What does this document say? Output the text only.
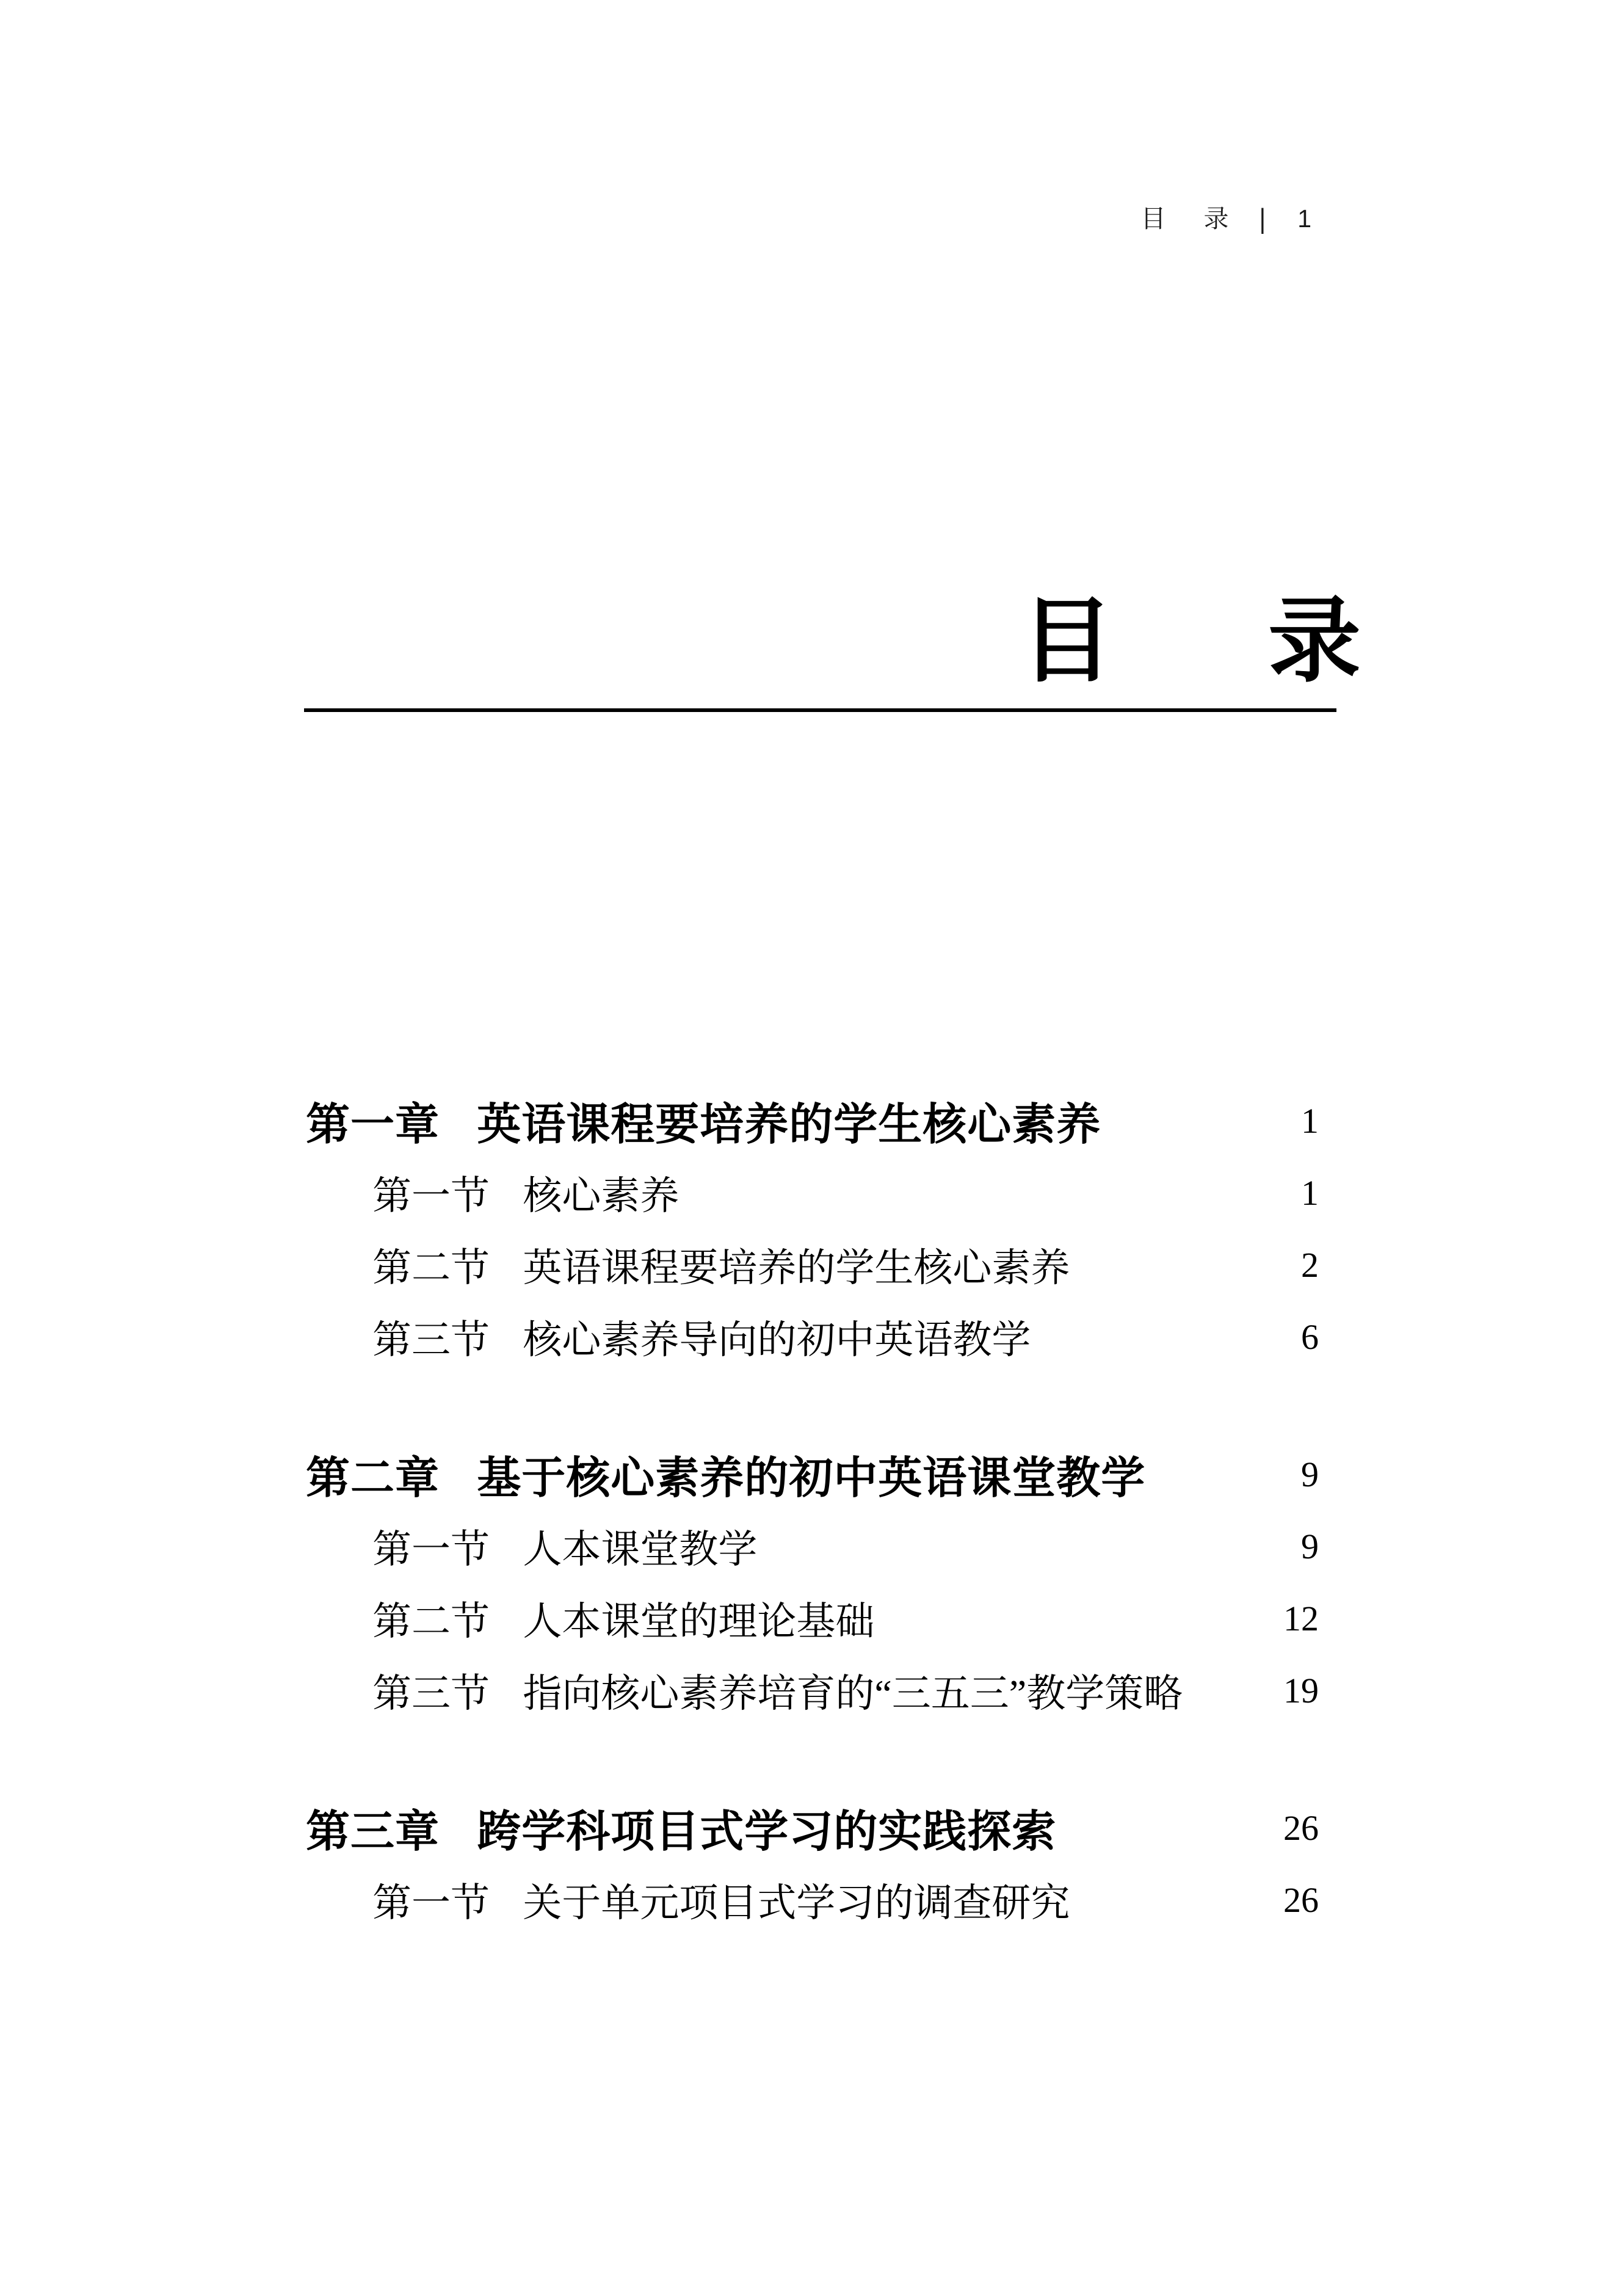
目 录 | 1
目 录
第一章 英语课程要培养的学生核心素养	1
第一节 核心素养	1
第二节 英语课程要培养的学生核心素养	2
第三节 核心素养导向的初中英语教学	6
第二章 基于核心素养的初中英语课堂教学	9
第一节 人本课堂教学	9
第二节 人本课堂的理论基础	12
第三节 指向核心素养培育的“三五三”教学策略	19
第三章 跨学科项目式学习的实践探索	26
第一节 关于单元项目式学习的调查研究	26
